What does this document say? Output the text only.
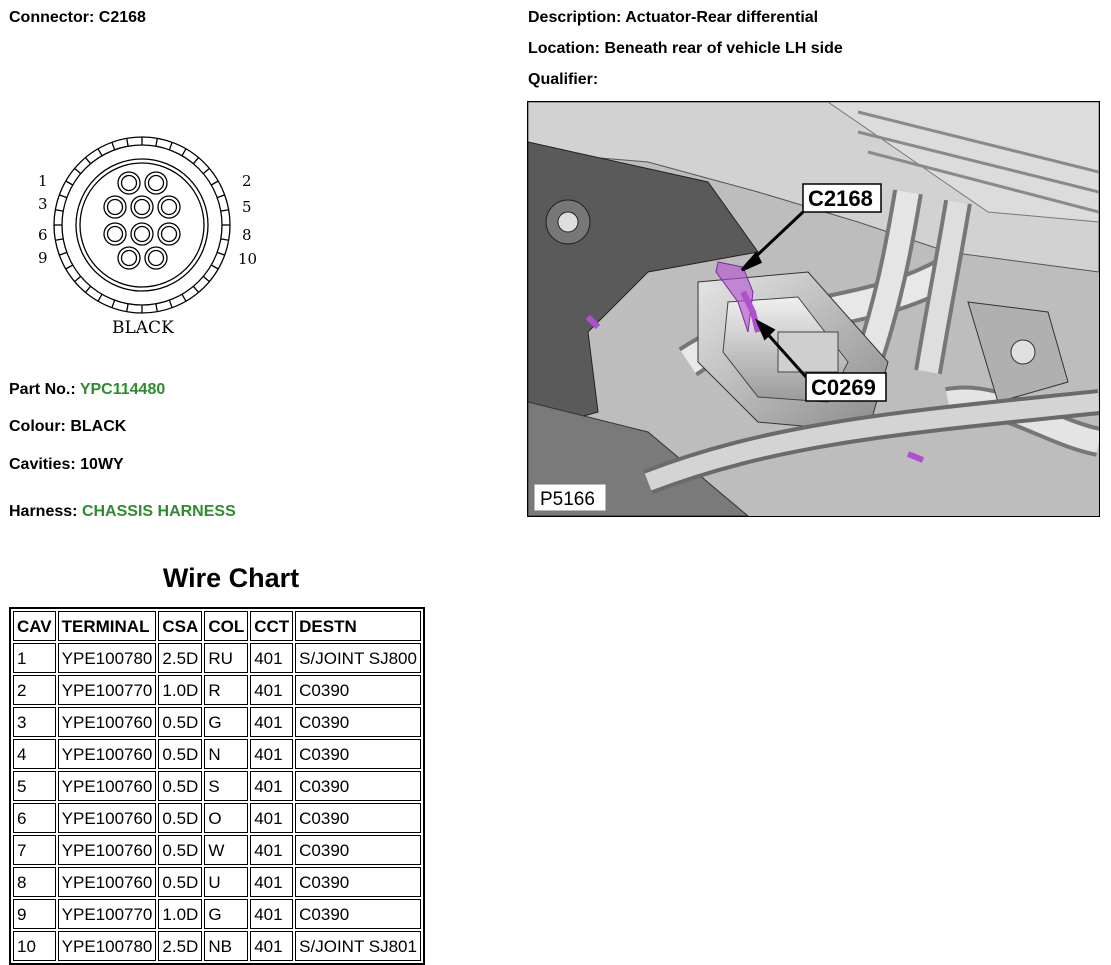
Connector: C2168	Description: Actuator-Rear differential
Location: Beneath rear of vehicle LH side
Qualifier:
1
3
6
9
2
5
8
10
BLACK
Part No.: YPC114480
Colour: BLACK
Cavities: 10WY
Harness: CHASSIS HARNESS
C2168
C0269
P5166
Wire Chart
CAV	TERMINAL	CSA	COL	CCT	DESTN
1	YPE100780	2.5D	RU	401	S/JOINT SJ800
2	YPE100770	1.0D	R	401	C0390
3	YPE100760	0.5D	G	401	C0390
4	YPE100760	0.5D	N	401	C0390
5	YPE100760	0.5D	S	401	C0390
6	YPE100760	0.5D	O	401	C0390
7	YPE100760	0.5D	W	401	C0390
8	YPE100760	0.5D	U	401	C0390
9	YPE100770	1.0D	G	401	C0390
10	YPE100780	2.5D	NB	401	S/JOINT SJ801
